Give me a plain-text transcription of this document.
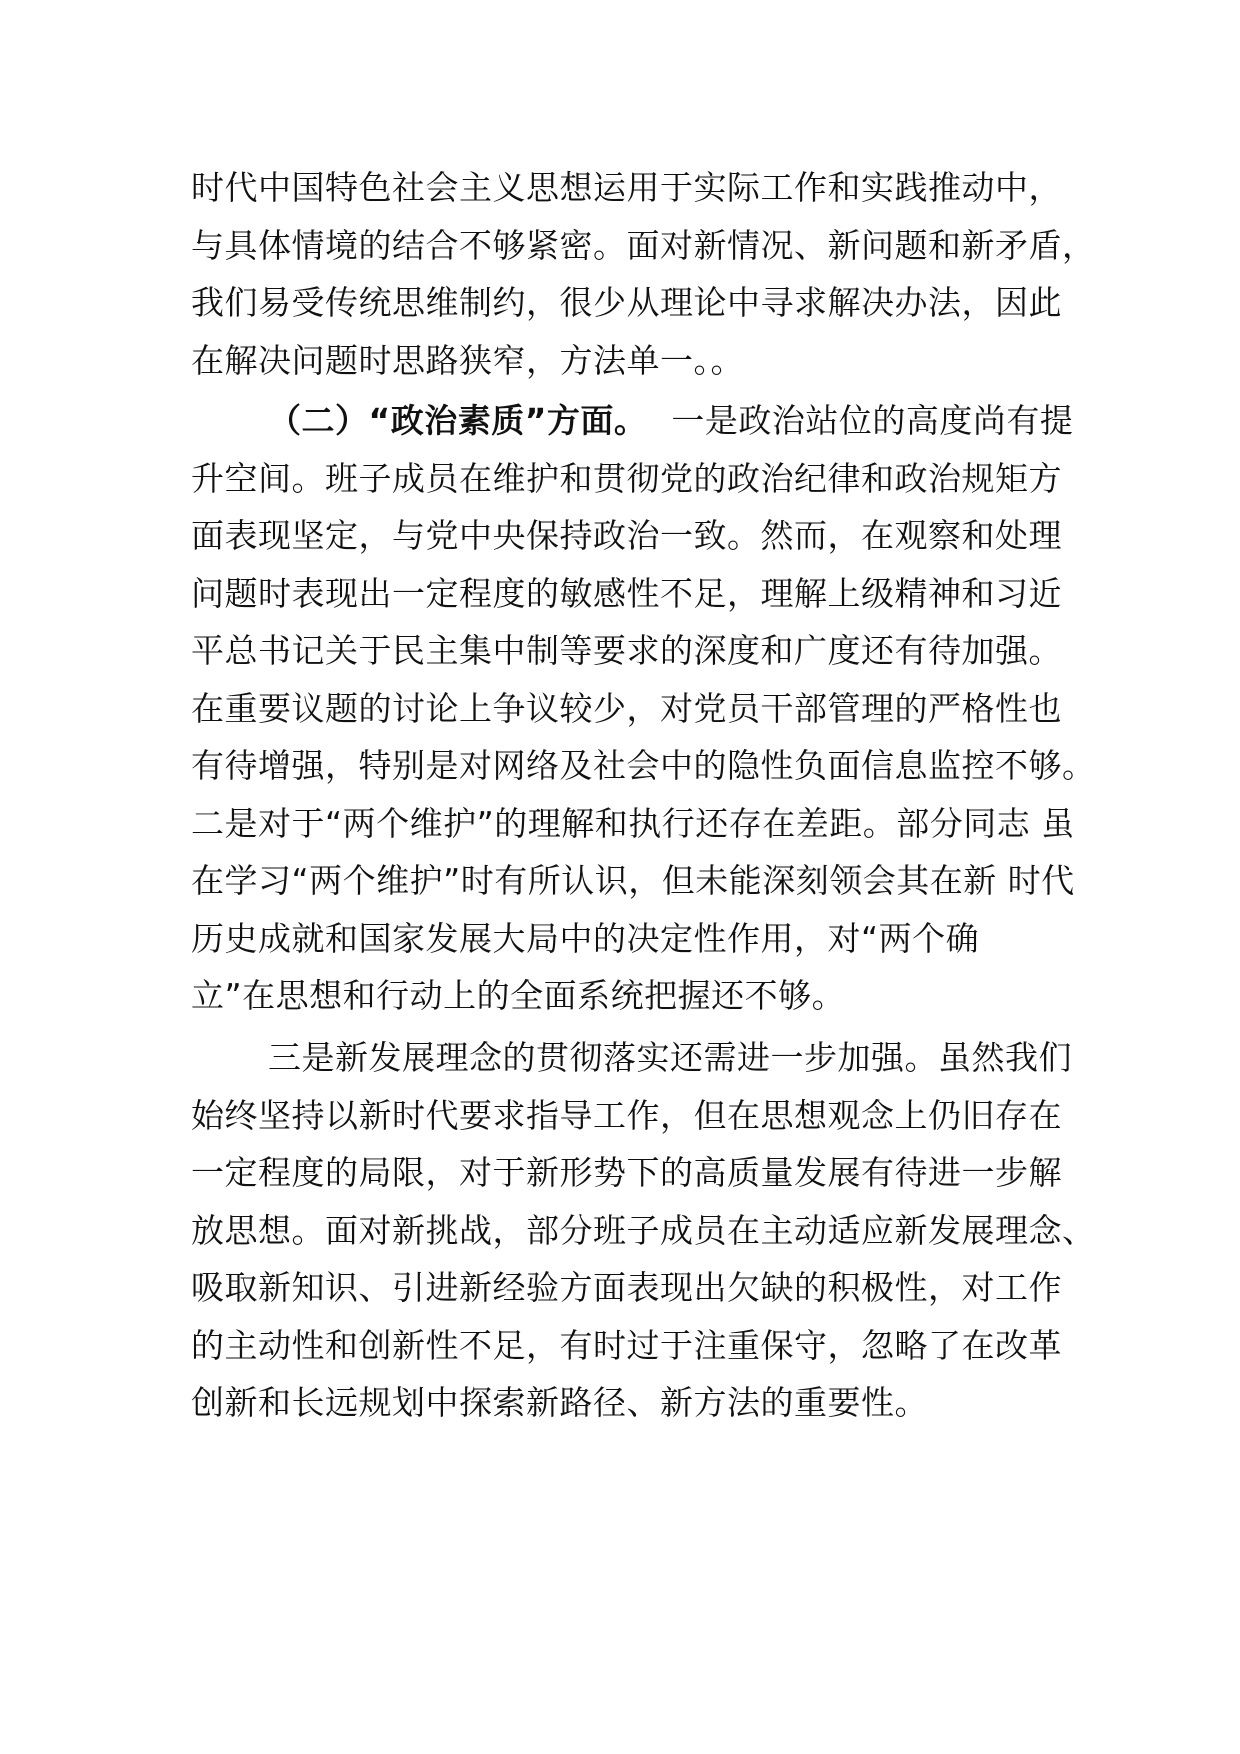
时代中国特色社会主义思想运用于实际工作和实践推动中，
与具体情境的结合不够紧密。面对新情况、新问题和新矛盾，
我们易受传统思维制约，很少从理论中寻求解决办法，因此
在解决问题时思路狭窄，方法单一。。
（二）“政治素质”方面。 一是政治站位的高度尚有提
升空间。班子成员在维护和贯彻党的政治纪律和政治规矩方
面表现坚定，与党中央保持政治一致。然而，在观察和处理
问题时表现出一定程度的敏感性不足，理解上级精神和习近
平总书记关于民主集中制等要求的深度和广度还有待加强。
在重要议题的讨论上争议较少，对党员干部管理的严格性也
有待增强，特别是对网络及社会中的隐性负面信息监控不够。
二是对于“两个维护”的理解和执行还存在差距。部分同志 虽
在学习“两个维护”时有所认识，但未能深刻领会其在新 时代
历史成就和国家发展大局中的决定性作用，对“两个确
立”在思想和行动上的全面系统把握还不够。
三是新发展理念的贯彻落实还需进一步加强。虽然我们
始终坚持以新时代要求指导工作，但在思想观念上仍旧存在
一定程度的局限，对于新形势下的高质量发展有待进一步解
放思想。面对新挑战，部分班子成员在主动适应新发展理念、
吸取新知识、引进新经验方面表现出欠缺的积极性，对工作
的主动性和创新性不足，有时过于注重保守，忽略了在改革
创新和长远规划中探索新路径、新方法的重要性。
